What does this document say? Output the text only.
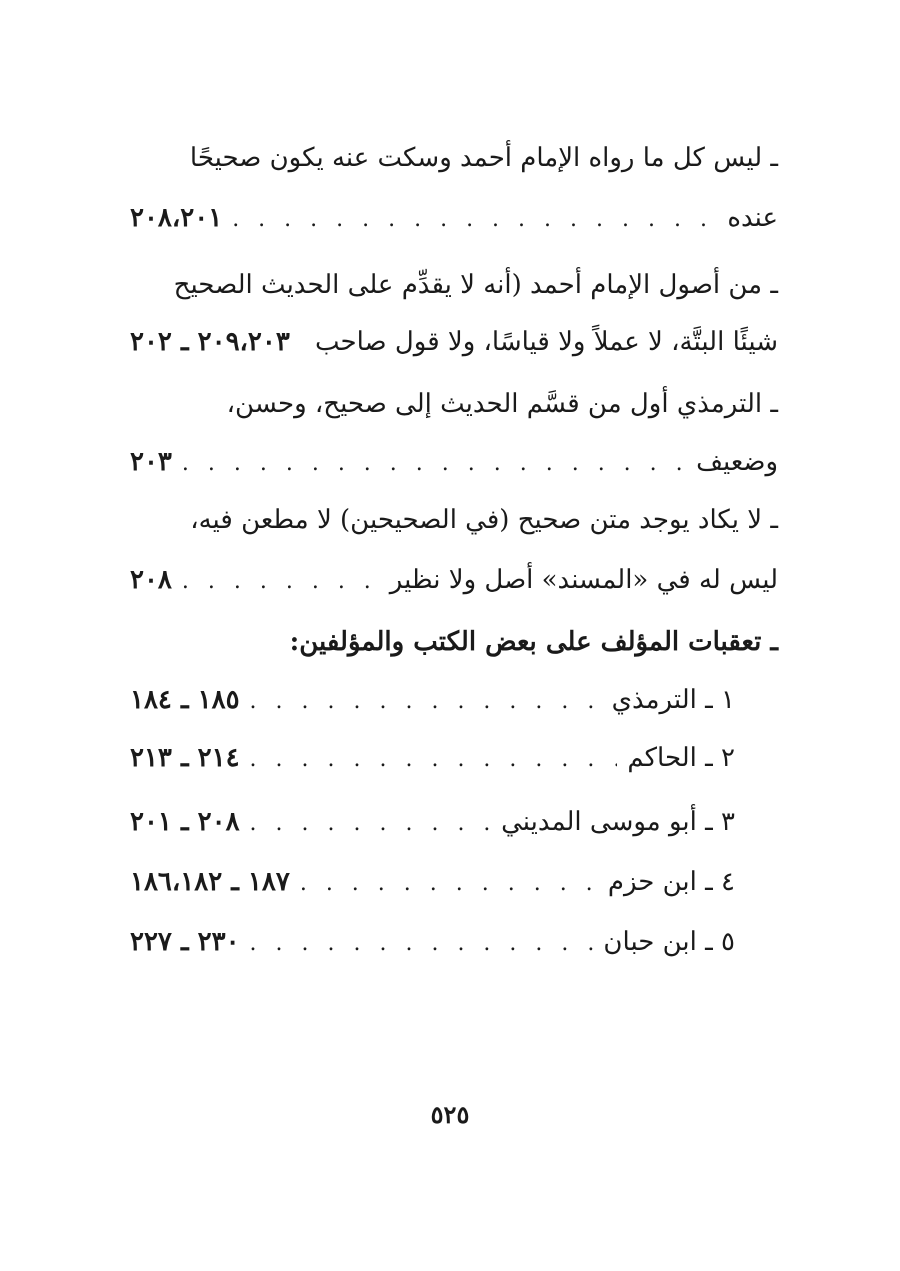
ـ ليس كل ما رواه الإمام أحمد وسكت عنه يكون صحيحًا
عنده
. . .
٢٠٨،٢٠١
ـ من أصول الإمام أحمد (أنه لا يقدِّم على الحديث الصحيح
شيئًا البتَّة، لا عملاً ولا قياسًا، ولا قول صاحب
٢٠٩،٢٠٣ ـ ٢٠٢
ـ الترمذي أول من قسَّم الحديث إلى صحيح، وحسن،
وضعيف
. . .
٢٠٣
ـ لا يكاد يوجد متن صحيح (في الصحيحين) لا مطعن فيه،
ليس له في «المسند» أصل ولا نظير
. . .
٢٠٨
ـ تعقبات المؤلف على بعض الكتب والمؤلفين:
١ ـ الترمذي
. . .
١٨٥ ـ ١٨٤
٢ ـ الحاكم
. . .
٢١٤ ـ ٢١٣
٣ ـ أبو موسى المديني
. . .
٢٠٨ ـ ٢٠١
٤ ـ ابن حزم
. . .
١٨٧ ـ ١٨٦،١٨٢
٥ ـ ابن حبان
. . .
٢٣٠ ـ ٢٢٧
٥٢٥
